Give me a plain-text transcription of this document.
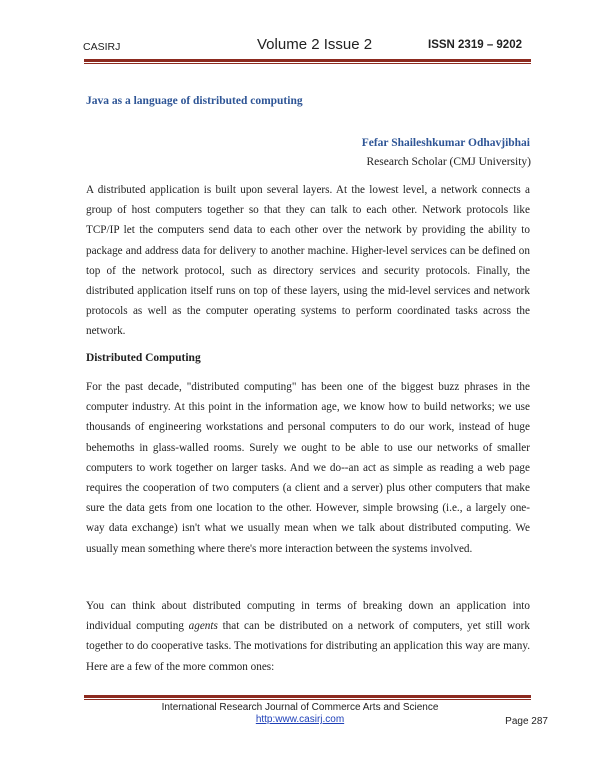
CASIRJ	Volume 2 Issue 2	ISSN 2319 – 9202
Java as a language of distributed computing
Fefar Shaileshkumar Odhavjibhai
Research Scholar (CMJ University)

A distributed application is built upon several layers. At the lowest level, a network connects a group of host computers together so that they can talk to each other. Network protocols like TCP/IP let the computers send data to each other over the network by providing the ability to package and address data for delivery to another machine. Higher-level services can be defined on top of the network protocol, such as directory services and security protocols. Finally, the distributed application itself runs on top of these layers, using the mid-level services and network protocols as well as the computer operating systems to perform coordinated tasks across the network.

Distributed Computing

For the past decade, "distributed computing" has been one of the biggest buzz phrases in the computer industry. At this point in the information age, we know how to build networks; we use thousands of engineering workstations and personal computers to do our work, instead of huge behemoths in glass-walled rooms. Surely we ought to be able to use our networks of smaller computers to work together on larger tasks. And we do--an act as simple as reading a web page requires the cooperation of two computers (a client and a server) plus other computers that make sure the data gets from one location to the other. However, simple browsing (i.e., a largely one-way data exchange) isn't what we usually mean when we talk about distributed computing. We usually mean something where there's more interaction between the systems involved.

You can think about distributed computing in terms of breaking down an application into individual computing agents that can be distributed on a network of computers, yet still work together to do cooperative tasks. The motivations for distributing an application this way are many. Here are a few of the more common ones:

International Research Journal of Commerce Arts and Science
http:www.casirj.com	Page 287
